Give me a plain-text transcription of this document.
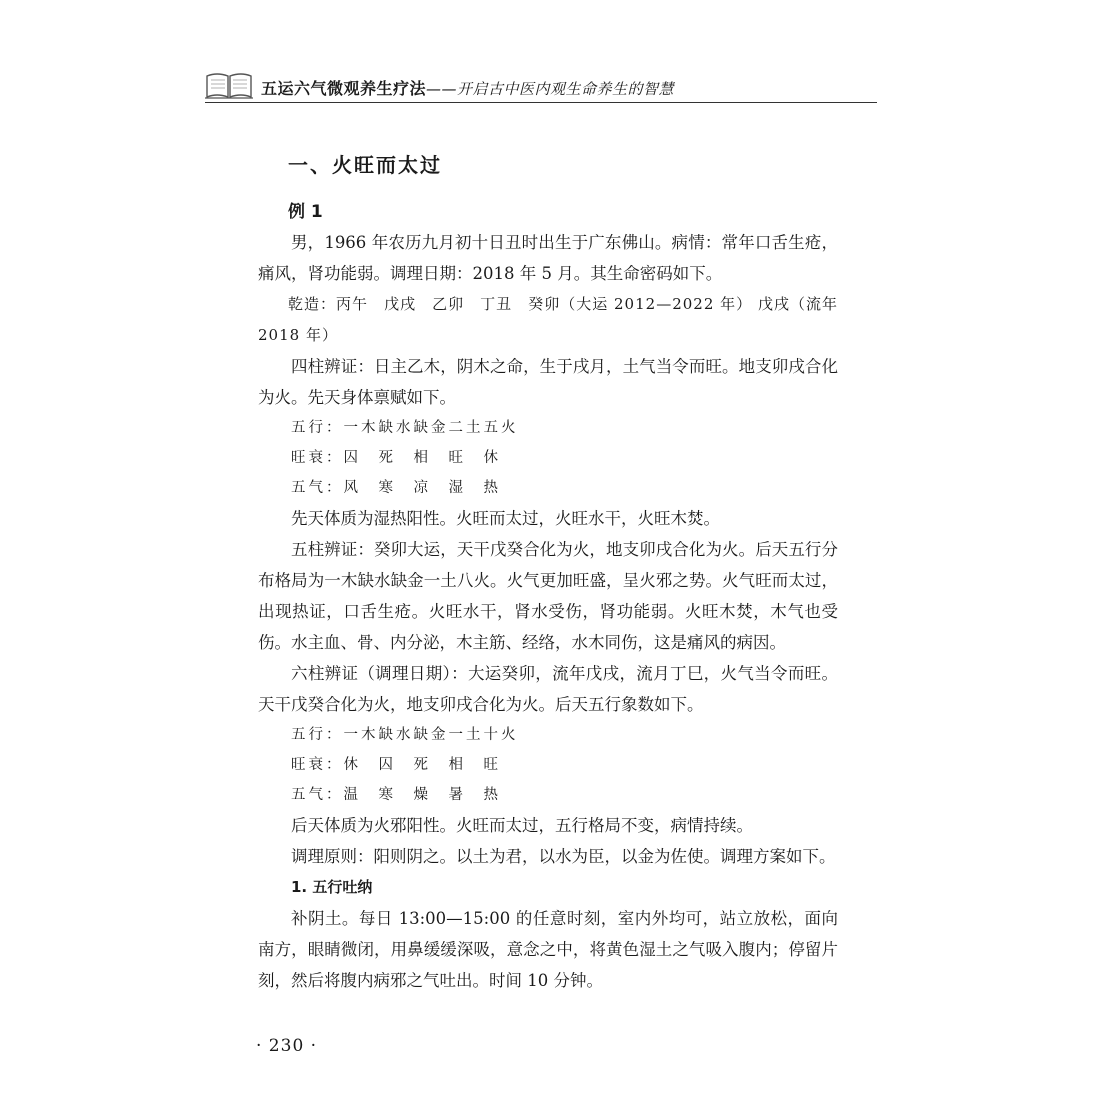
五运六气微观养生疗法——开启古中医内观生命养生的智慧
一、火旺而太过
例 1

男，1966 年农历九月初十日丑时出生于广东佛山。病情：常年口舌生疮，痛风，肾功能弱。调理日期：2018 年 5 月。其生命密码如下。

乾造：丙午　戊戌　乙卯　丁丑　癸卯（大运 2012—2022 年） 戊戌（流年 2018 年）

四柱辨证：日主乙木，阴木之命，生于戌月，土气当令而旺。地支卯戌合化为火。先天身体禀赋如下。

五行：一木缺水缺金二土五火
旺衰：囚　死　相　旺　休
五气：风　寒　凉　湿　热

先天体质为湿热阳性。火旺而太过，火旺水干，火旺木焚。

五柱辨证：癸卯大运，天干戊癸合化为火，地支卯戌合化为火。后天五行分布格局为一木缺水缺金一土八火。火气更加旺盛，呈火邪之势。火气旺而太过，出现热证，口舌生疮。火旺水干，肾水受伤，肾功能弱。火旺木焚，木气也受伤。水主血、骨、内分泌，木主筋、经络，水木同伤，这是痛风的病因。

六柱辨证（调理日期）：大运癸卯，流年戊戌，流月丁巳，火气当令而旺。天干戊癸合化为火，地支卯戌合化为火。后天五行象数如下。

五行：一木缺水缺金一土十火
旺衰：休　囚　死　相　旺
五气：温　寒　燥　暑　热

后天体质为火邪阳性。火旺而太过，五行格局不变，病情持续。

调理原则：阳则阴之。以土为君，以水为臣，以金为佐使。调理方案如下。

1. 五行吐纳

补阴土。每日 13:00—15:00 的任意时刻，室内外均可，站立放松，面向南方，眼睛微闭，用鼻缓缓深吸，意念之中，将黄色湿土之气吸入腹内；停留片刻，然后将腹内病邪之气吐出。时间 10 分钟。

· 230 ·
